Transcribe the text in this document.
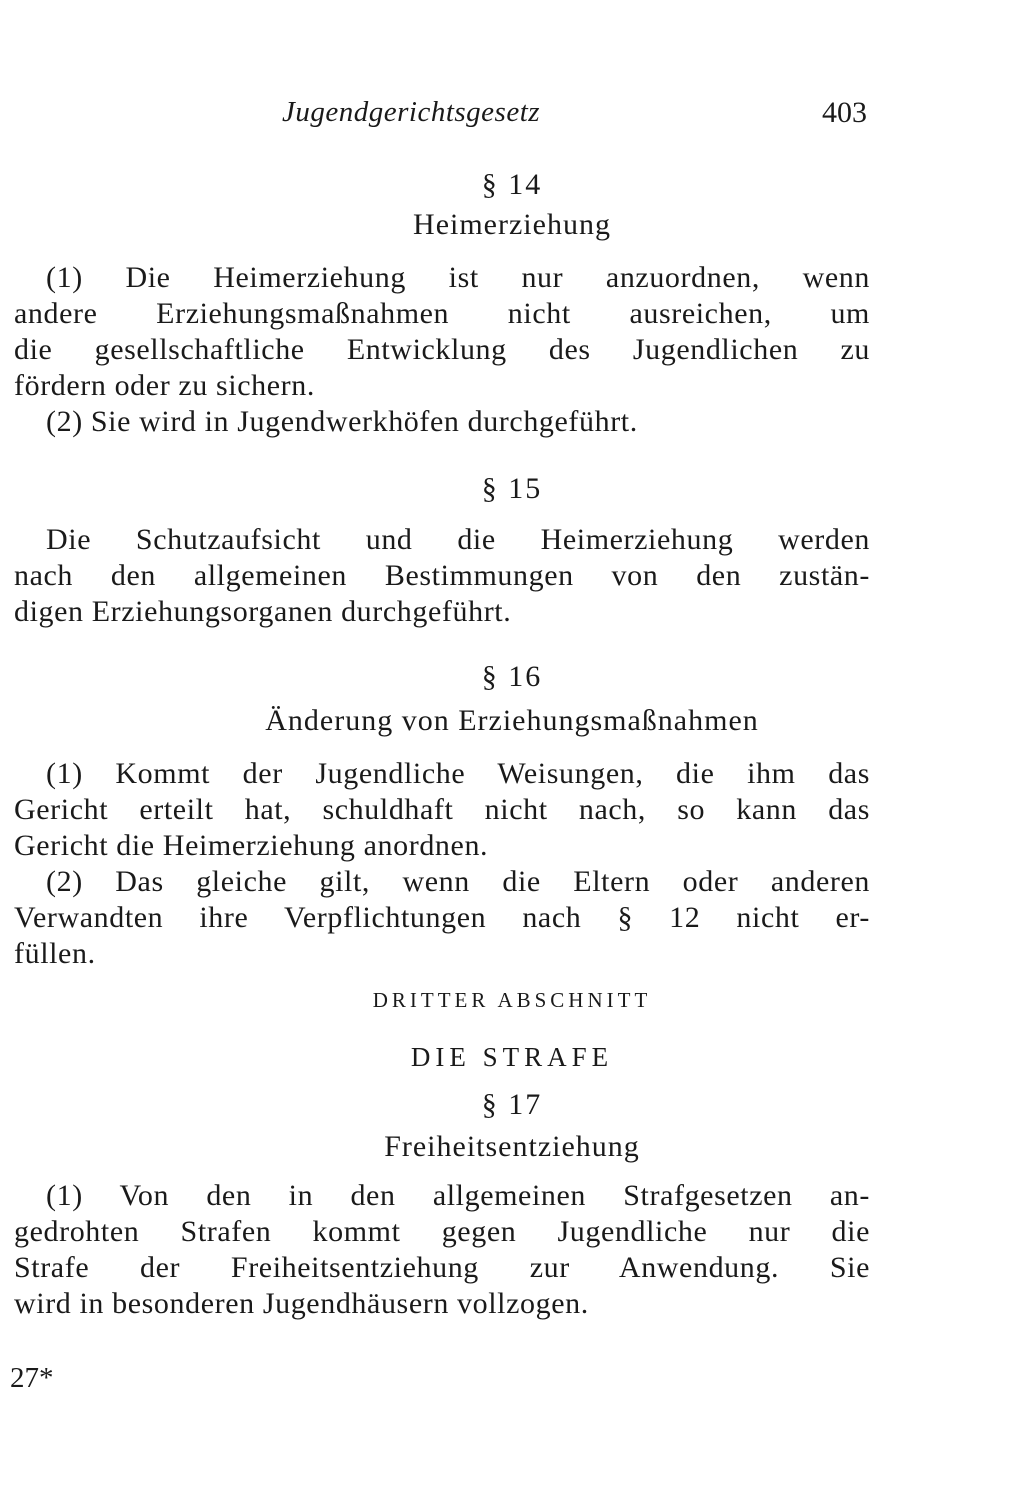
Jugendgerichtsgesetz	403
§ 14
Heimerziehung
(1) Die Heimerziehung ist nur anzuordnen, wenn
andere Erziehungsmaßnahmen nicht ausreichen, um
die gesellschaftliche Entwicklung des Jugendlichen zu
fördern oder zu sichern.
(2) Sie wird in Jugendwerkhöfen durchgeführt.
§ 15
Die Schutzaufsicht und die Heimerziehung werden
nach den allgemeinen Bestimmungen von den zustän-
digen Erziehungsorganen durchgeführt.
§ 16
Änderung von Erziehungsmaßnahmen
(1) Kommt der Jugendliche Weisungen, die ihm das
Gericht erteilt hat, schuldhaft nicht nach, so kann das
Gericht die Heimerziehung anordnen.
(2) Das gleiche gilt, wenn die Eltern oder anderen
Verwandten ihre Verpflichtungen nach § 12 nicht er-
füllen.
DRITTER ABSCHNITT
DIE STRAFE
§ 17
Freiheitsentziehung
(1) Von den in den allgemeinen Strafgesetzen an-
gedrohten Strafen kommt gegen Jugendliche nur die
Strafe der Freiheitsentziehung zur Anwendung. Sie
wird in besonderen Jugendhäusern vollzogen.
27*
